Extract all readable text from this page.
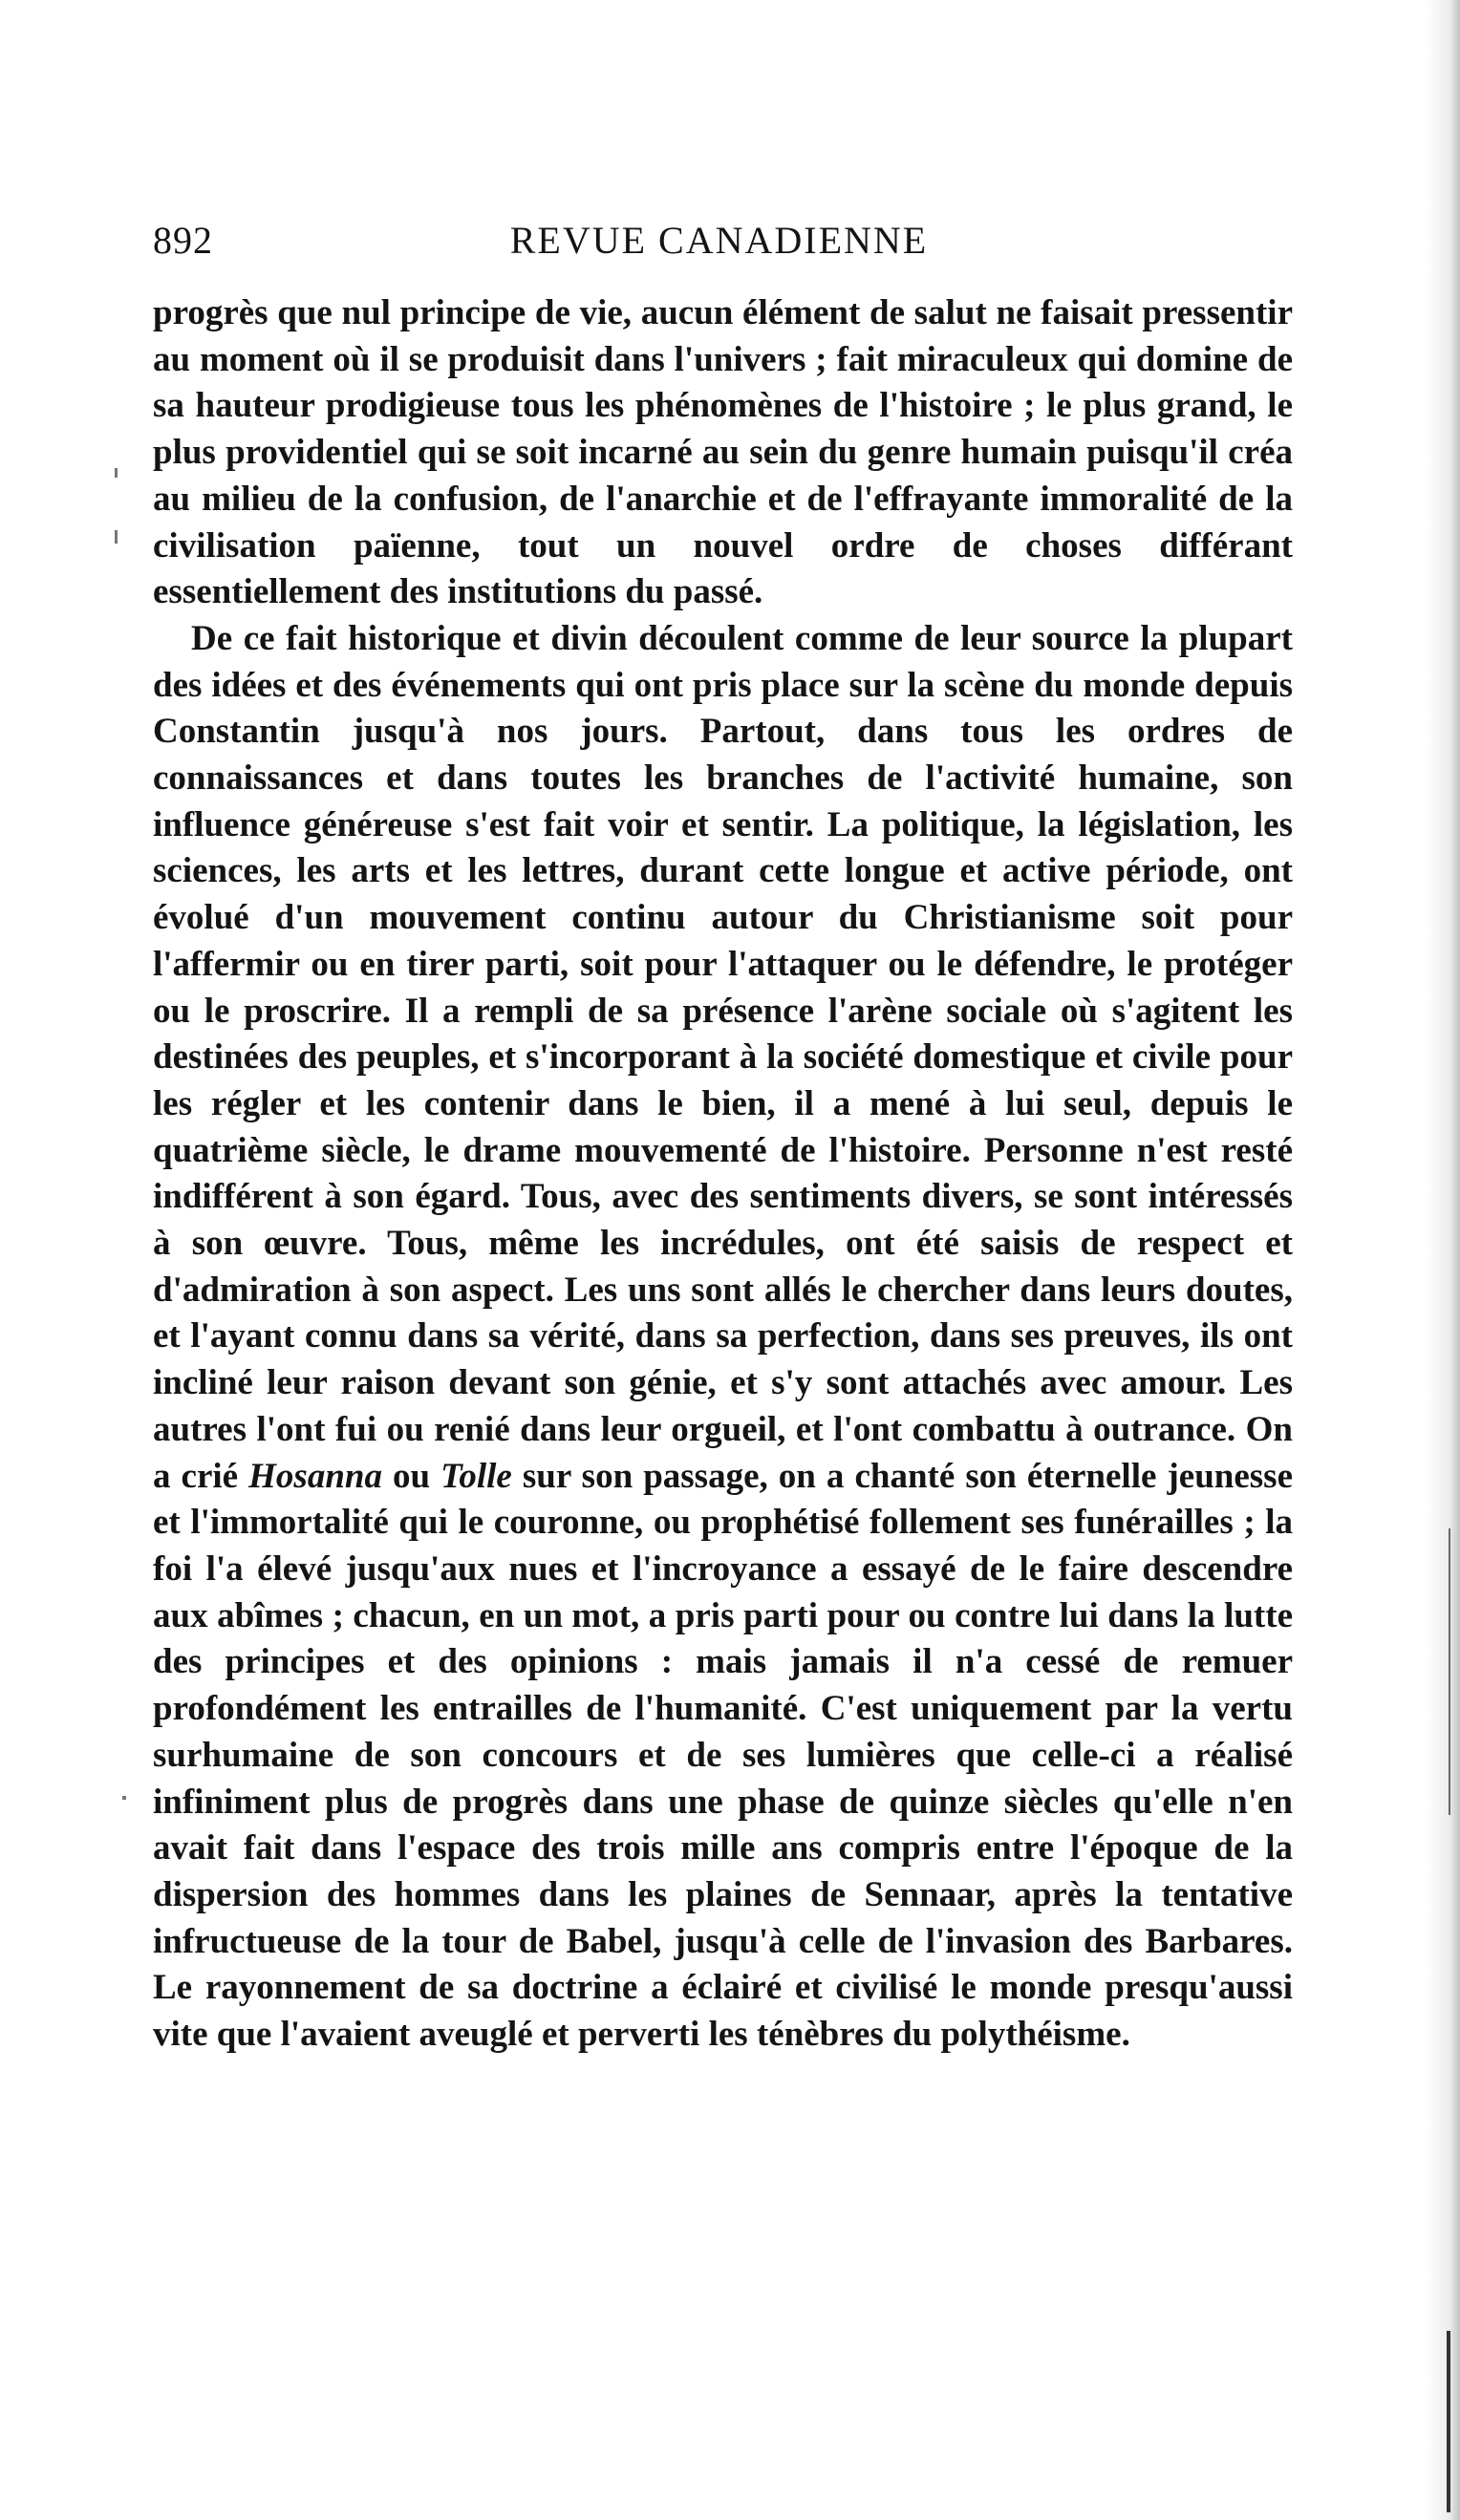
892	REVUE CANADIENNE

progrès que nul principe de vie, aucun élément de salut ne faisait pressentir au moment où il se produisit dans l'univers ; fait miraculeux qui domine de sa hauteur prodigieuse tous les phénomènes de l'histoire ; le plus grand, le plus providentiel qui se soit incarné au sein du genre humain puisqu'il créa au milieu de la confusion, de l'anarchie et de l'effrayante immoralité de la civilisation païenne, tout un nouvel ordre de choses différant essentiellement des institutions du passé.

De ce fait historique et divin découlent comme de leur source la plupart des idées et des événements qui ont pris place sur la scène du monde depuis Constantin jusqu'à nos jours. Partout, dans tous les ordres de connaissances et dans toutes les branches de l'activité humaine, son influence généreuse s'est fait voir et sentir. La politique, la législation, les sciences, les arts et les lettres, durant cette longue et active période, ont évolué d'un mouvement continu autour du Christianisme soit pour l'affermir ou en tirer parti, soit pour l'attaquer ou le défendre, le protéger ou le proscrire. Il a rempli de sa présence l'arène sociale où s'agitent les destinées des peuples, et s'incorporant à la société domestique et civile pour les régler et les contenir dans le bien, il a mené à lui seul, depuis le quatrième siècle, le drame mouvementé de l'histoire. Personne n'est resté indifférent à son égard. Tous, avec des sentiments divers, se sont intéressés à son œuvre. Tous, même les incrédules, ont été saisis de respect et d'admiration à son aspect. Les uns sont allés le chercher dans leurs doutes, et l'ayant connu dans sa vérité, dans sa perfection, dans ses preuves, ils ont incliné leur raison devant son génie, et s'y sont attachés avec amour. Les autres l'ont fui ou renié dans leur orgueil, et l'ont combattu à outrance. On a crié Hosanna ou Tolle sur son passage, on a chanté son éternelle jeunesse et l'immortalité qui le couronne, ou prophétisé follement ses funérailles ; la foi l'a élevé jusqu'aux nues et l'incroyance a essayé de le faire descendre aux abîmes ; chacun, en un mot, a pris parti pour ou contre lui dans la lutte des principes et des opinions : mais jamais il n'a cessé de remuer profondément les entrailles de l'humanité. C'est uniquement par la vertu surhumaine de son concours et de ses lumières que celle-ci a réalisé infiniment plus de progrès dans une phase de quinze siècles qu'elle n'en avait fait dans l'espace des trois mille ans compris entre l'époque de la dispersion des hommes dans les plaines de Sennaar, après la tentative infructueuse de la tour de Babel, jusqu'à celle de l'invasion des Barbares. Le rayonnement de sa doctrine a éclairé et civilisé le monde presqu'aussi vite que l'avaient aveuglé et perverti les ténèbres du polythéisme.
